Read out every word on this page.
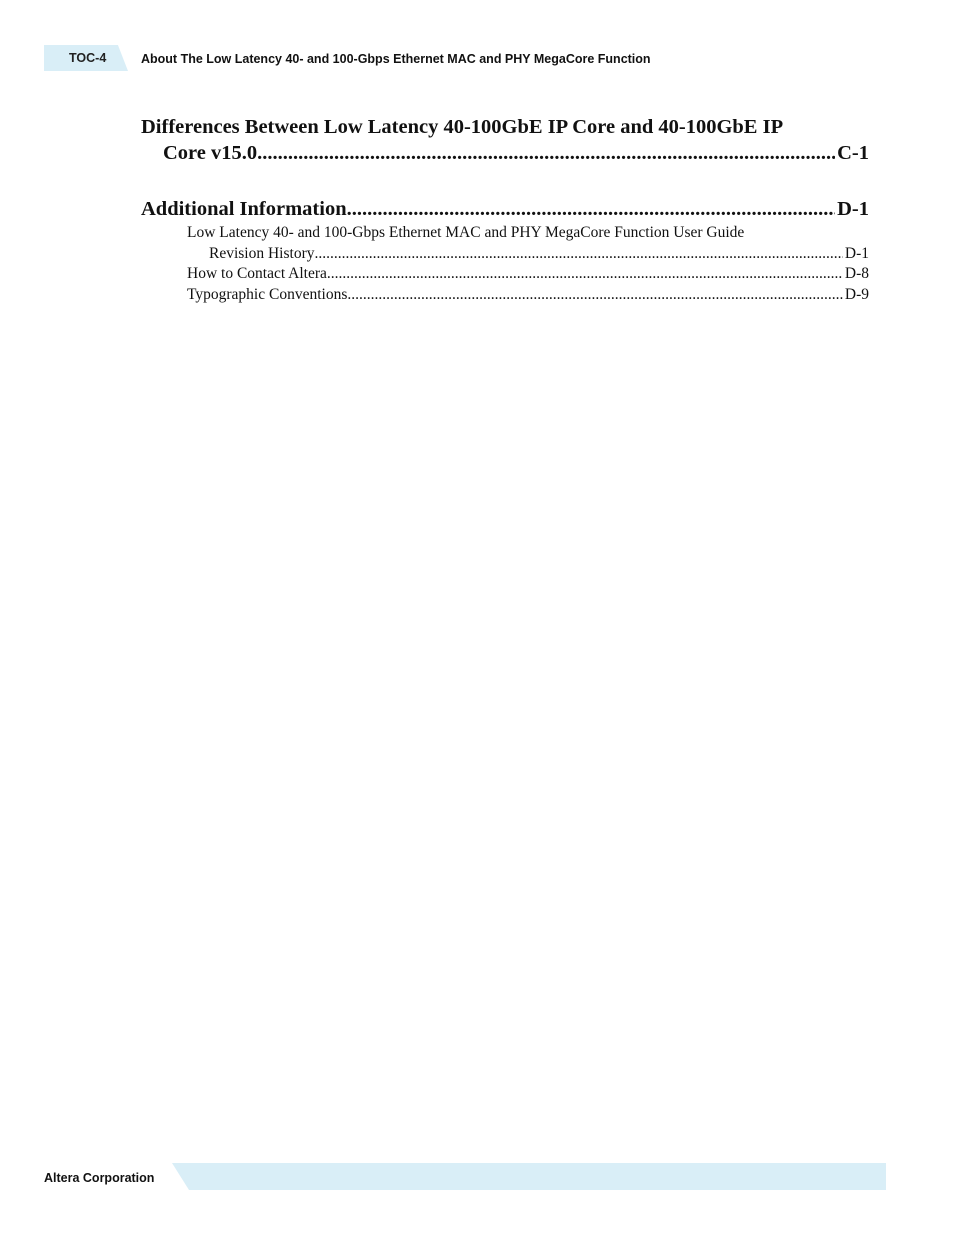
TOC-4	About The Low Latency 40- and 100-Gbps Ethernet MAC and PHY MegaCore Function
Differences Between Low Latency 40-100GbE IP Core and 40-100GbE IP
Core v15.0 .....	C-1
Additional Information .....	D-1
Low Latency 40- and 100-Gbps Ethernet MAC and PHY MegaCore Function User Guide
Revision History .....	D-1
How to Contact Altera .....	D-8
Typographic Conventions .....	D-9
Altera Corporation
